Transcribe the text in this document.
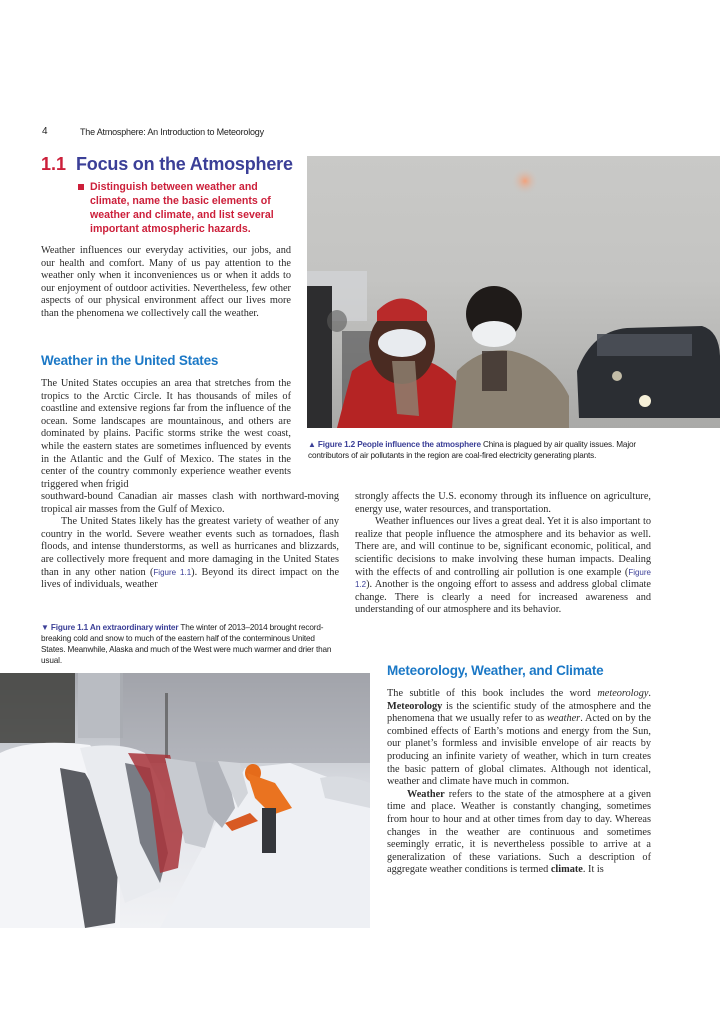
4	The Atmosphere: An Introduction to Meteorology
1.1 Focus on the Atmosphere
Distinguish between weather and climate, name the basic elements of weather and climate, and list several important atmospheric hazards.

Weather influences our everyday activities, our jobs, and our health and comfort. Many of us pay attention to the weather only when it inconveniences us or when it adds to our enjoyment of outdoor activities. Nevertheless, few other aspects of our physical environment affect our lives more than the phenomena we collectively call the weather.

Weather in the United States

The United States occupies an area that stretches from the tropics to the Arctic Circle. It has thousands of miles of coastline and extensive regions far from the influence of the ocean. Some landscapes are mountainous, and others are dominated by plains. Pacific storms strike the west coast, while the eastern states are sometimes influenced by events in the Atlantic and the Gulf of Mexico. The states in the center of the country commonly experience weather events triggered when frigid

southward-bound Canadian air masses clash with northward-moving tropical air masses from the Gulf of Mexico.

The United States likely has the greatest variety of weather of any country in the world. Severe weather events such as tornadoes, flash floods, and intense thunderstorms, as well as hurricanes and blizzards, are collectively more frequent and more damaging in the United States than in any other nation (Figure 1.1). Beyond its direct impact on the lives of individuals, weather

▲ Figure 1.2 People influence the atmosphere China is plagued by air quality issues. Major contributors of air pollutants in the region are coal-fired electricity generating plants.

strongly affects the U.S. economy through its influence on agriculture, energy use, water resources, and transportation.

Weather influences our lives a great deal. Yet it is also important to realize that people influence the atmosphere and its behavior as well. There are, and will continue to be, significant economic, political, and scientific decisions to make involving these human impacts. Dealing with the effects of and controlling air pollution is one example (Figure 1.2). Another is the ongoing effort to assess and address global climate change. There is clearly a need for increased awareness and understanding of our atmosphere and its behavior.

▼ Figure 1.1 An extraordinary winter The winter of 2013–2014 brought record-breaking cold and snow to much of the eastern half of the conterminous United States. Meanwhile, Alaska and much of the West were much warmer and drier than usual.
Meteorology, Weather, and Climate

The subtitle of this book includes the word meteorology. Meteorology is the scientific study of the atmosphere and the phenomena that we usually refer to as weather. Acted on by the combined effects of Earth’s motions and energy from the Sun, our planet’s formless and invisible envelope of air reacts by producing an infinite variety of weather, which in turn creates the basic pattern of global climates. Although not identical, weather and climate have much in common.

Weather refers to the state of the atmosphere at a given time and place. Weather is constantly changing, sometimes from hour to hour and at other times from day to day. Whereas changes in the weather are continuous and sometimes seemingly erratic, it is nevertheless possible to arrive at a generalization of these variations. Such a description of aggregate weather conditions is termed climate. It is
